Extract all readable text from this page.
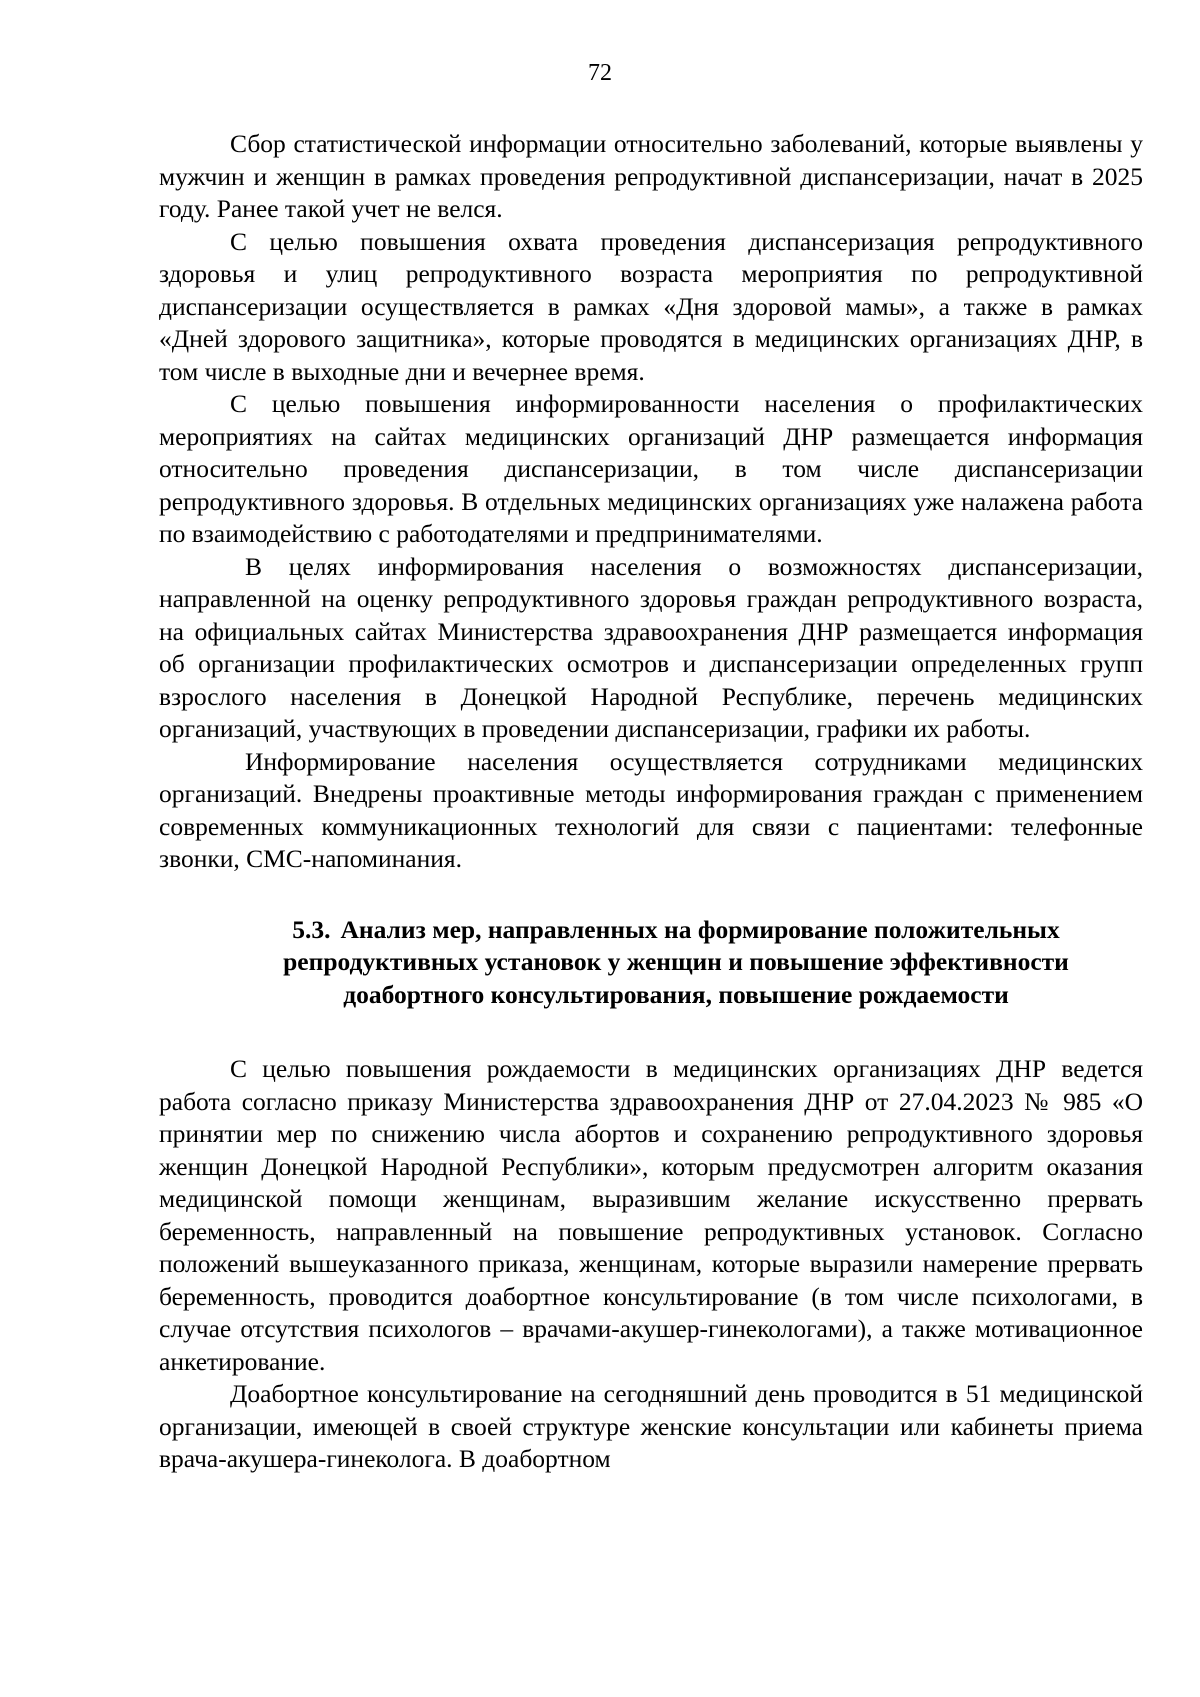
72

Сбор статистической информации относительно заболеваний, которые выявлены у мужчин и женщин в рамках проведения репродуктивной диспансеризации, начат в 2025 году. Ранее такой учет не велся.

С целью повышения охвата проведения диспансеризация репродуктивного здоровья и улиц репродуктивного возраста мероприятия по репродуктивной диспансеризации осуществляется в рамках «Дня здоровой мамы», а также в рамках «Дней здорового защитника», которые проводятся в медицинских организациях ДНР, в том числе в выходные дни и вечернее время.

С целью повышения информированности населения о профилактических мероприятиях на сайтах медицинских организаций ДНР размещается информация относительно проведения диспансеризации, в том числе диспансеризации репродуктивного здоровья. В отдельных медицинских организациях уже налажена работа по взаимодействию с работодателями и предпринимателями.

В целях информирования населения о возможностях диспансеризации, направленной на оценку репродуктивного здоровья граждан репродуктивного возраста, на официальных сайтах Министерства здравоохранения ДНР размещается информация об организации профилактических осмотров и диспансеризации определенных групп взрослого населения в Донецкой Народной Республике, перечень медицинских организаций, участвующих в проведении диспансеризации, графики их работы.

Информирование населения осуществляется сотрудниками медицинских организаций. Внедрены проактивные методы информирования граждан с применением современных коммуникационных технологий для связи с пациентами: телефонные звонки, СМС-напоминания.

5.3. Анализ мер, направленных на формирование положительных репродуктивных установок у женщин и повышение эффективности доабортного консультирования, повышение рождаемости

С целью повышения рождаемости в медицинских организациях ДНР ведется работа согласно приказу Министерства здравоохранения ДНР от 27.04.2023 № 985 «О принятии мер по снижению числа абортов и сохранению репродуктивного здоровья женщин Донецкой Народной Республики», которым предусмотрен алгоритм оказания медицинской помощи женщинам, выразившим желание искусственно прервать беременность, направленный на повышение репродуктивных установок. Согласно положений вышеуказанного приказа, женщинам, которые выразили намерение прервать беременность, проводится доабортное консультирование (в том числе психологами, в случае отсутствия психологов – врачами-акушер-гинекологами), а также мотивационное анкетирование.

Доабортное консультирование на сегодняшний день проводится в 51 медицинской организации, имеющей в своей структуре женские консультации или кабинеты приема врача-акушера-гинеколога. В доабортном
